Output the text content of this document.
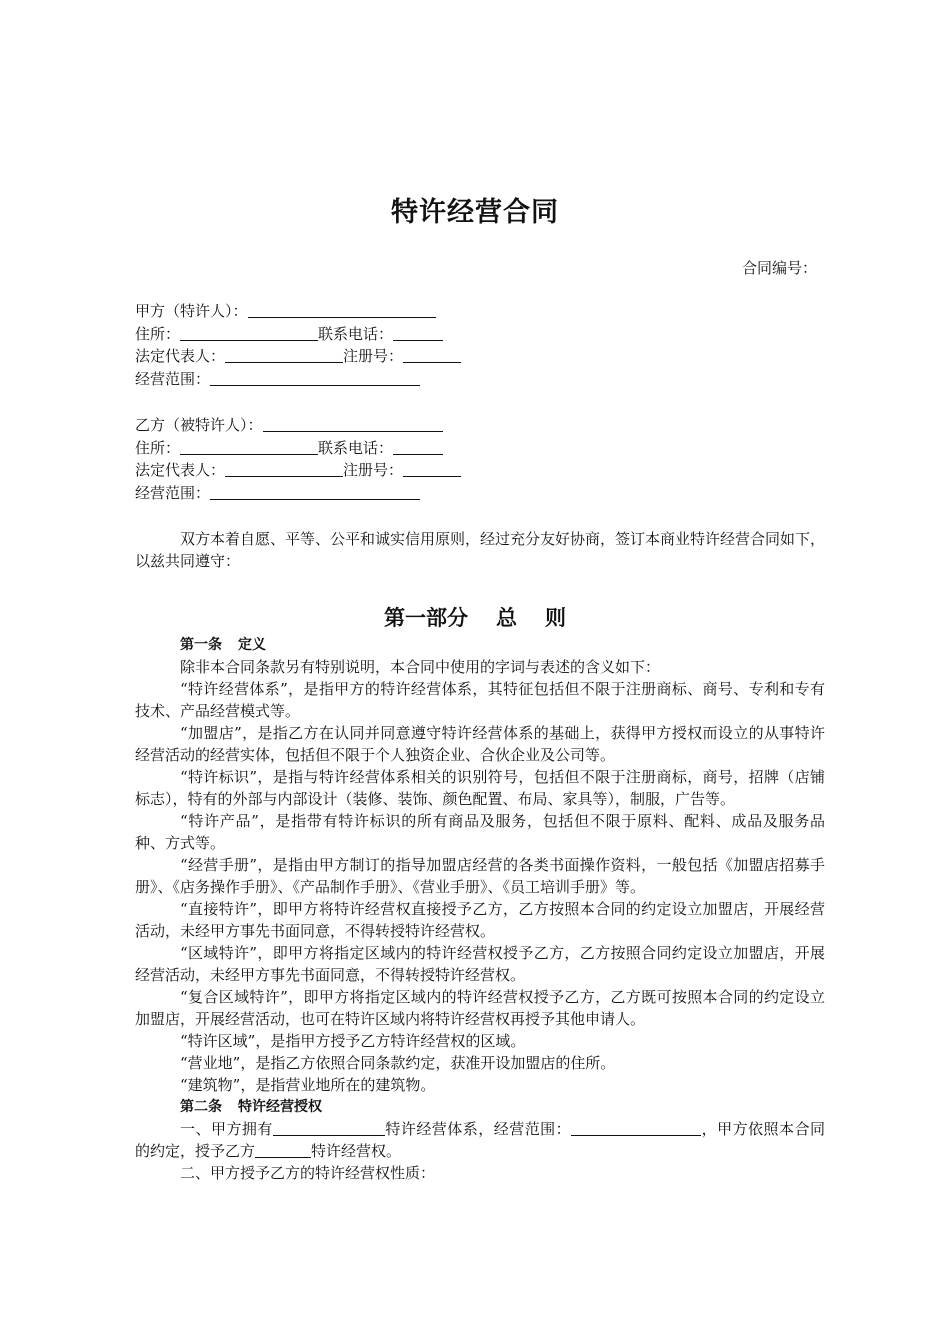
特许经营合同
合同编号：
甲方（特许人）：
住所：	联系电话：
法定代表人：	注册号：
经营范围：
乙方（被特许人）：
住所：	联系电话：
法定代表人：	注册号：
经营范围：

双方本着自愿、平等、公平和诚实信用原则，经过充分友好协商，签订本商业特许经营合同如下，以兹共同遵守：

第一部分 总 则
第一条 定义

除非本合同条款另有特别说明，本合同中使用的字词与表述的含义如下：

“特许经营体系”，是指甲方的特许经营体系，其特征包括但不限于注册商标、商号、专利和专有技术、产品经营模式等。

“加盟店”，是指乙方在认同并同意遵守特许经营体系的基础上，获得甲方授权而设立的从事特许经营活动的经营实体，包括但不限于个人独资企业、合伙企业及公司等。

“特许标识”，是指与特许经营体系相关的识别符号，包括但不限于注册商标，商号，招牌（店铺标志），特有的外部与内部设计（装修、装饰、颜色配置、布局、家具等），制服，广告等。

“特许产品”，是指带有特许标识的所有商品及服务，包括但不限于原料、配料、成品及服务品种、方式等。

“经营手册”，是指由甲方制订的指导加盟店经营的各类书面操作资料，一般包括《加盟店招募手册》、《店务操作手册》、《产品制作手册》、《营业手册》、《员工培训手册》等。

“直接特许”，即甲方将特许经营权直接授予乙方，乙方按照本合同的约定设立加盟店，开展经营活动，未经甲方事先书面同意，不得转授特许经营权。

“区域特许”，即甲方将指定区域内的特许经营权授予乙方，乙方按照合同约定设立加盟店，开展经营活动，未经甲方事先书面同意，不得转授特许经营权。

“复合区域特许”，即甲方将指定区域内的特许经营权授予乙方，乙方既可按照本合同的约定设立加盟店，开展经营活动，也可在特许区域内将特许经营权再授予其他申请人。

“特许区域”，是指甲方授予乙方特许经营权的区域。

“营业地”，是指乙方依照合同条款约定，获准开设加盟店的住所。

“建筑物”，是指营业地所在的建筑物。

第二条 特许经营授权

一、甲方拥有	特许经营体系，经营范围：	，甲方依照本合同的约定，授予乙方	特许经营权。

二、甲方授予乙方的特许经营权性质：
